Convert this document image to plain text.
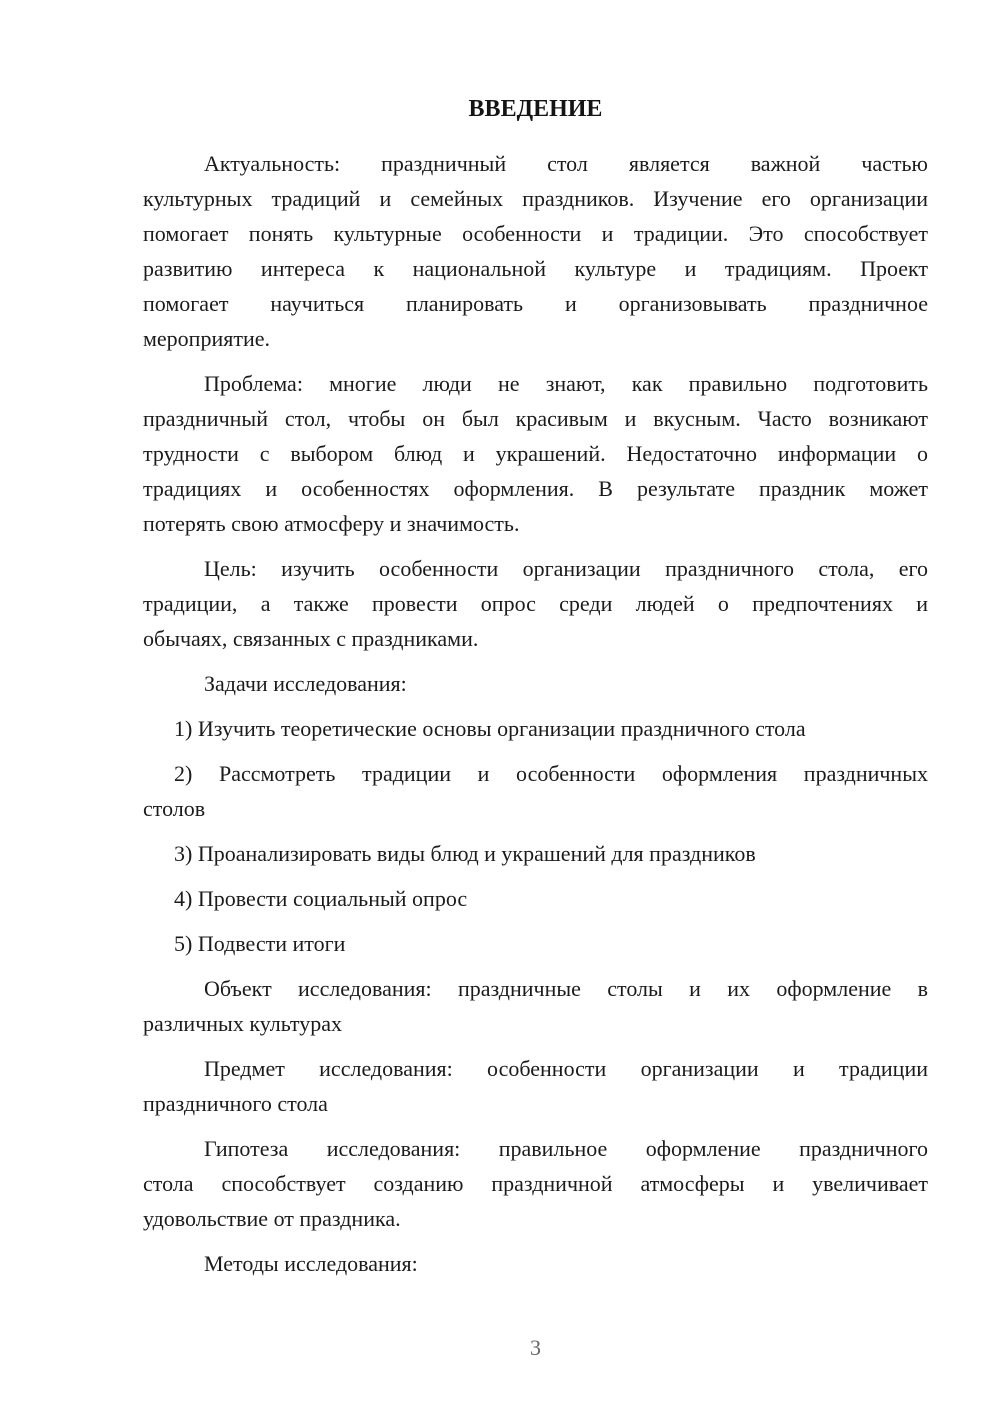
ВВЕДЕНИЕ
Актуальность: праздничный стол является важной частью
культурных традиций и семейных праздников. Изучение его организации
помогает понять культурные особенности и традиции. Это способствует
развитию интереса к национальной культуре и традициям. Проект
помогает научиться планировать и организовывать праздничное
мероприятие.
Проблема: многие люди не знают, как правильно подготовить
праздничный стол, чтобы он был красивым и вкусным. Часто возникают
трудности с выбором блюд и украшений. Недостаточно информации о
традициях и особенностях оформления. В результате праздник может
потерять свою атмосферу и значимость.
Цель: изучить особенности организации праздничного стола, его
традиции, а также провести опрос среди людей о предпочтениях и
обычаях, связанных с праздниками.
Задачи исследования:
1) Изучить теоретические основы организации праздничного стола
2) Рассмотреть традиции и особенности оформления праздничных
столов
3) Проанализировать виды блюд и украшений для праздников
4) Провести социальный опрос
5) Подвести итоги
Объект исследования: праздничные столы и их оформление в
различных культурах
Предмет исследования: особенности организации и традиции
праздничного стола
Гипотеза исследования: правильное оформление праздничного
стола способствует созданию праздничной атмосферы и увеличивает
удовольствие от праздника.
Методы исследования:
3
